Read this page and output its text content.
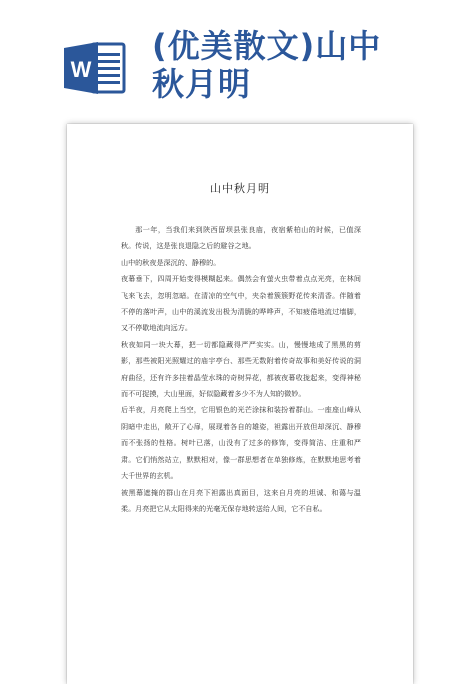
W
(优美散文)山中
秋月明
山中秋月明

那一年，当我们来到陕西留坝县张良庙，夜宿紫柏山的时候，已值深秋。传说，这是张良退隐之后的避谷之地。

山中的秋夜是深沉的、静穆的。

夜幕垂下，四周开始变得模糊起来。偶然会有萤火虫带着点点光亮，在林间飞来飞去，忽明忽暗。在清凉的空气中，夹杂着簇簇野花传来清香。伴随着不停的落叶声，山中的溪流发出极为清脆的哗哗声，不知疲倦地流过墙脚，又不停歇地流向远方。

秋夜如同一块大幕，把一切都隐藏得严严实实。山，慢慢地成了黑黑的剪影，那些被阳光照耀过的庙宇亭台、那些无数附着传奇故事和美好传说的洞府曲径，还有许多挂着晶莹水珠的奇树异花，都被夜幕收拢起来，变得神秘而不可捉摸，大山里面，好似隐藏着多少不为人知的微妙。

后半夜，月亮爬上当空，它用银色的光芒涂抹和装扮着群山。一座座山峰从阴暗中走出，敞开了心扉，展现着各自的雄姿，袒露出开放但却深沉、静穆而不张扬的性格。树叶已落，山没有了过多的修饰，变得简洁、庄重和严肃。它们悄然站立，默默相对，像一群思想者在单独修炼，在默默地思考着大千世界的玄机。

被黑幕遮掩的群山在月亮下袒露出真面目，这来自月亮的坦诚、和蔼与温柔。月亮把它从太阳得来的光毫无保存地转送给人间，它不自私。
